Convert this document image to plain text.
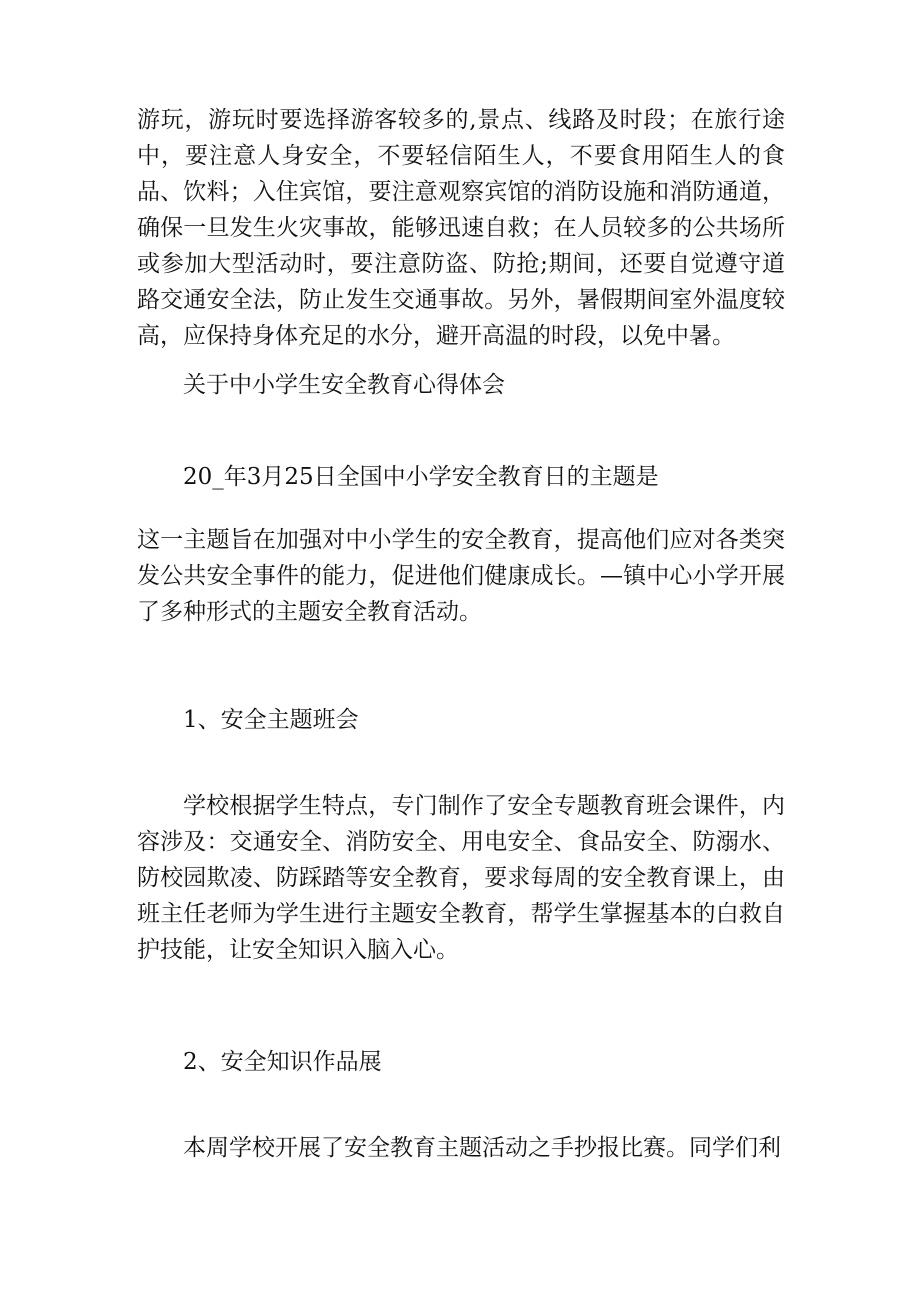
游玩，游玩时要选择游客较多的,景点、线路及时段；在旅行途中，要注意人身安全，不要轻信陌生人，不要食用陌生人的食品、饮料；入住宾馆，要注意观察宾馆的消防设施和消防通道，确保一旦发生火灾事故，能够迅速自救；在人员较多的公共场所或参加大型活动时，要注意防盗、防抢;期间，还要自觉遵守道路交通安全法，防止发生交通事故。另外，暑假期间室外温度较高，应保持身体充足的水分，避开高温的时段，以免中暑。

关于中小学生安全教育心得体会

20_年3月25日全国中小学安全教育日的主题是

这一主题旨在加强对中小学生的安全教育，提高他们应对各类突发公共安全事件的能力，促进他们健康成长。—镇中心小学开展了多种形式的主题安全教育活动。

1、安全主题班会

学校根据学生特点，专门制作了安全专题教育班会课件，内容涉及：交通安全、消防安全、用电安全、食品安全、防溺水、防校园欺凌、防踩踏等安全教育，要求每周的安全教育课上，由班主任老师为学生进行主题安全教育，帮学生掌握基本的白救自护技能，让安全知识入脑入心。

2、安全知识作品展

本周学校开展了安全教育主题活动之手抄报比赛。同学们利
